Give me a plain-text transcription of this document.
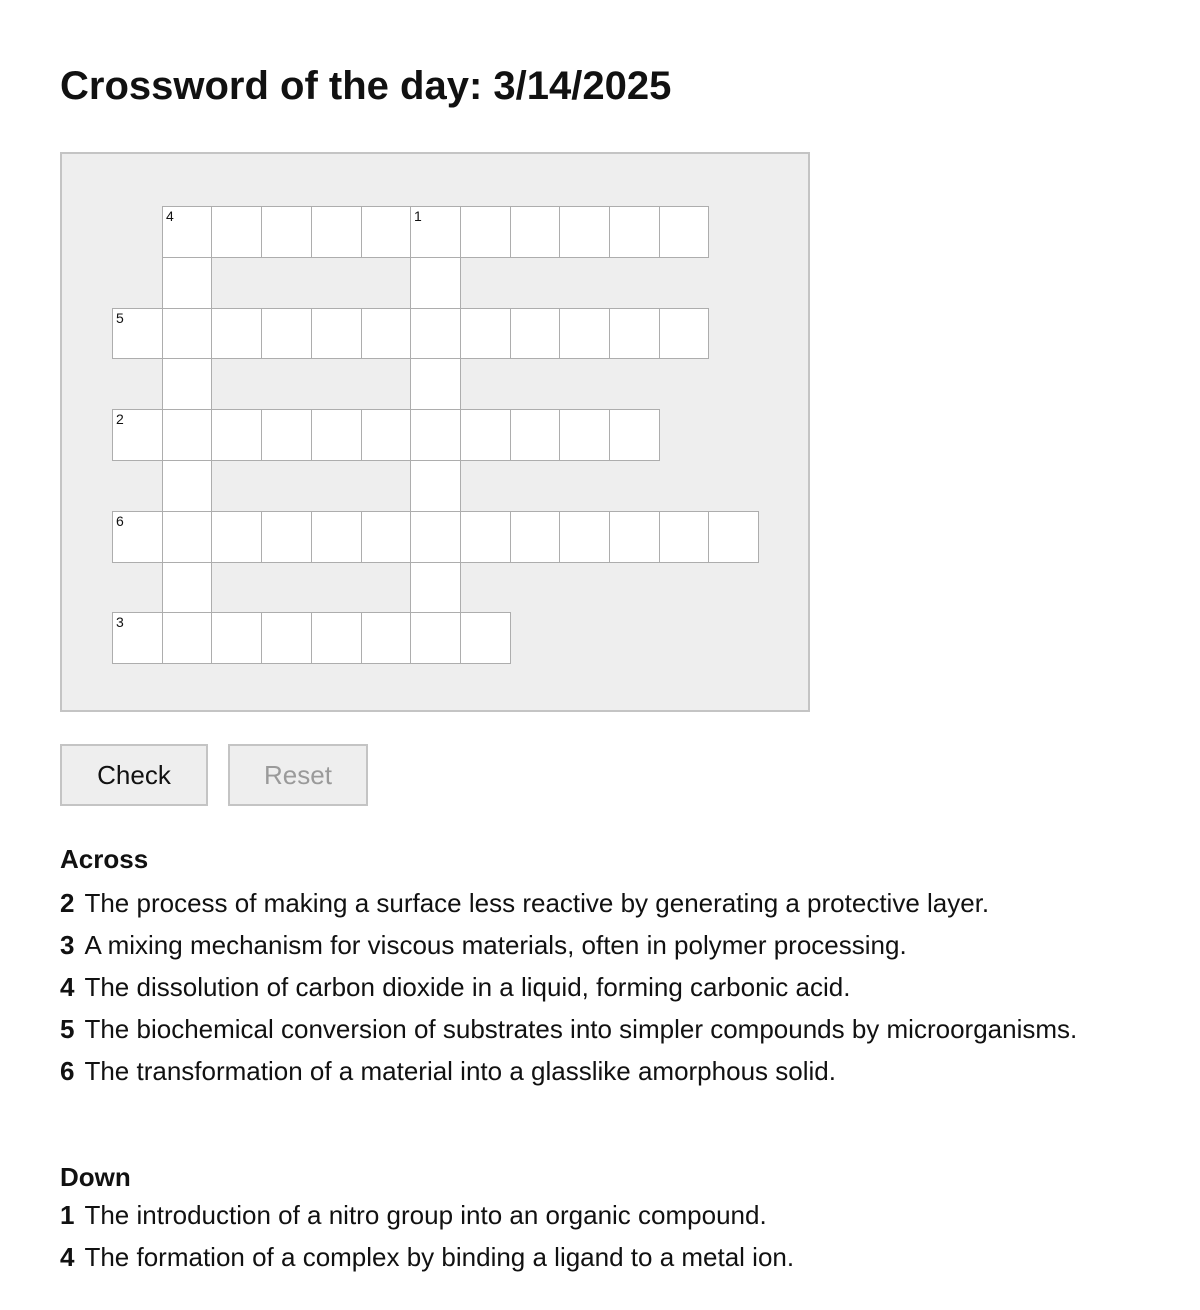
Crossword of the day: 3/14/2025
4	1
5
2
6
3
Check	Reset
Across
2 The process of making a surface less reactive by generating a protective layer.
3 A mixing mechanism for viscous materials, often in polymer processing.
4 The dissolution of carbon dioxide in a liquid, forming carbonic acid.
5 The biochemical conversion of substrates into simpler compounds by microorganisms.
6 The transformation of a material into a glasslike amorphous solid.
Down
1 The introduction of a nitro group into an organic compound.
4 The formation of a complex by binding a ligand to a metal ion.
